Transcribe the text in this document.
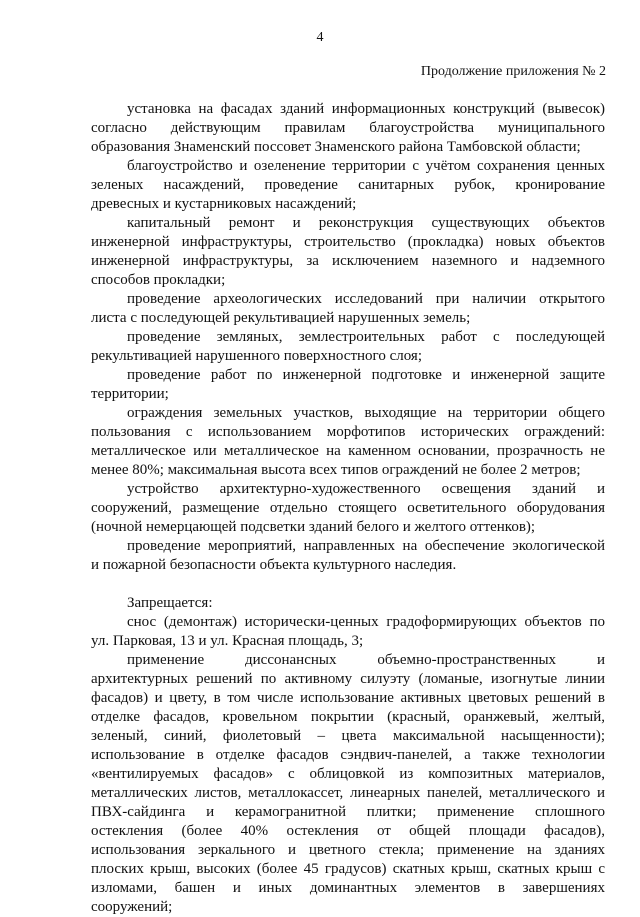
4
Продолжение приложения № 2
установка на фасадах зданий информационных конструкций (вывесок)
согласно действующим правилам благоустройства муниципального
образования Знаменский поссовет Знаменского района Тамбовской области;
благоустройство и озеленение территории с учётом сохранения ценных
зеленых насаждений, проведение санитарных рубок, кронирование
древесных и кустарниковых насаждений;
капитальный ремонт и реконструкция существующих объектов
инженерной инфраструктуры, строительство (прокладка) новых объектов
инженерной инфраструктуры, за исключением наземного и надземного
способов прокладки;
проведение археологических исследований при наличии открытого
листа с последующей рекультивацией нарушенных земель;
проведение земляных, землестроительных работ с последующей
рекультивацией нарушенного поверхностного слоя;
проведение работ по инженерной подготовке и инженерной защите
территории;
ограждения земельных участков, выходящие на территории общего
пользования с использованием морфотипов исторических ограждений:
металлическое или металлическое на каменном основании, прозрачность не
менее 80%; максимальная высота всех типов ограждений не более 2 метров;
устройство архитектурно-художественного освещения зданий и
сооружений, размещение отдельно стоящего осветительного оборудования
(ночной немерцающей подсветки зданий белого и желтого оттенков);
проведение мероприятий, направленных на обеспечение экологической
и пожарной безопасности объекта культурного наследия.
Запрещается:
снос (демонтаж) исторически-ценных градоформирующих объектов по
ул. Парковая, 13 и ул. Красная площадь, 3;
применение диссонансных объемно-пространственных и
архитектурных решений по активному силуэту (ломаные, изогнутые линии
фасадов) и цвету, в том числе использование активных цветовых решений в
отделке фасадов, кровельном покрытии (красный, оранжевый, желтый,
зеленый, синий, фиолетовый – цвета максимальной насыщенности);
использование в отделке фасадов сэндвич-панелей, а также технологии
«вентилируемых фасадов» с облицовкой из композитных материалов,
металлических листов, металлокассет, линеарных панелей, металлического и
ПВХ-сайдинга и керамогранитной плитки; применение сплошного
остекления (более 40% остекления от общей площади фасадов),
использования зеркального и цветного стекла; применение на зданиях
плоских крыш, высоких (более 45 градусов) скатных крыш, скатных крыш с
изломами, башен и иных доминантных элементов в завершениях
сооружений;
